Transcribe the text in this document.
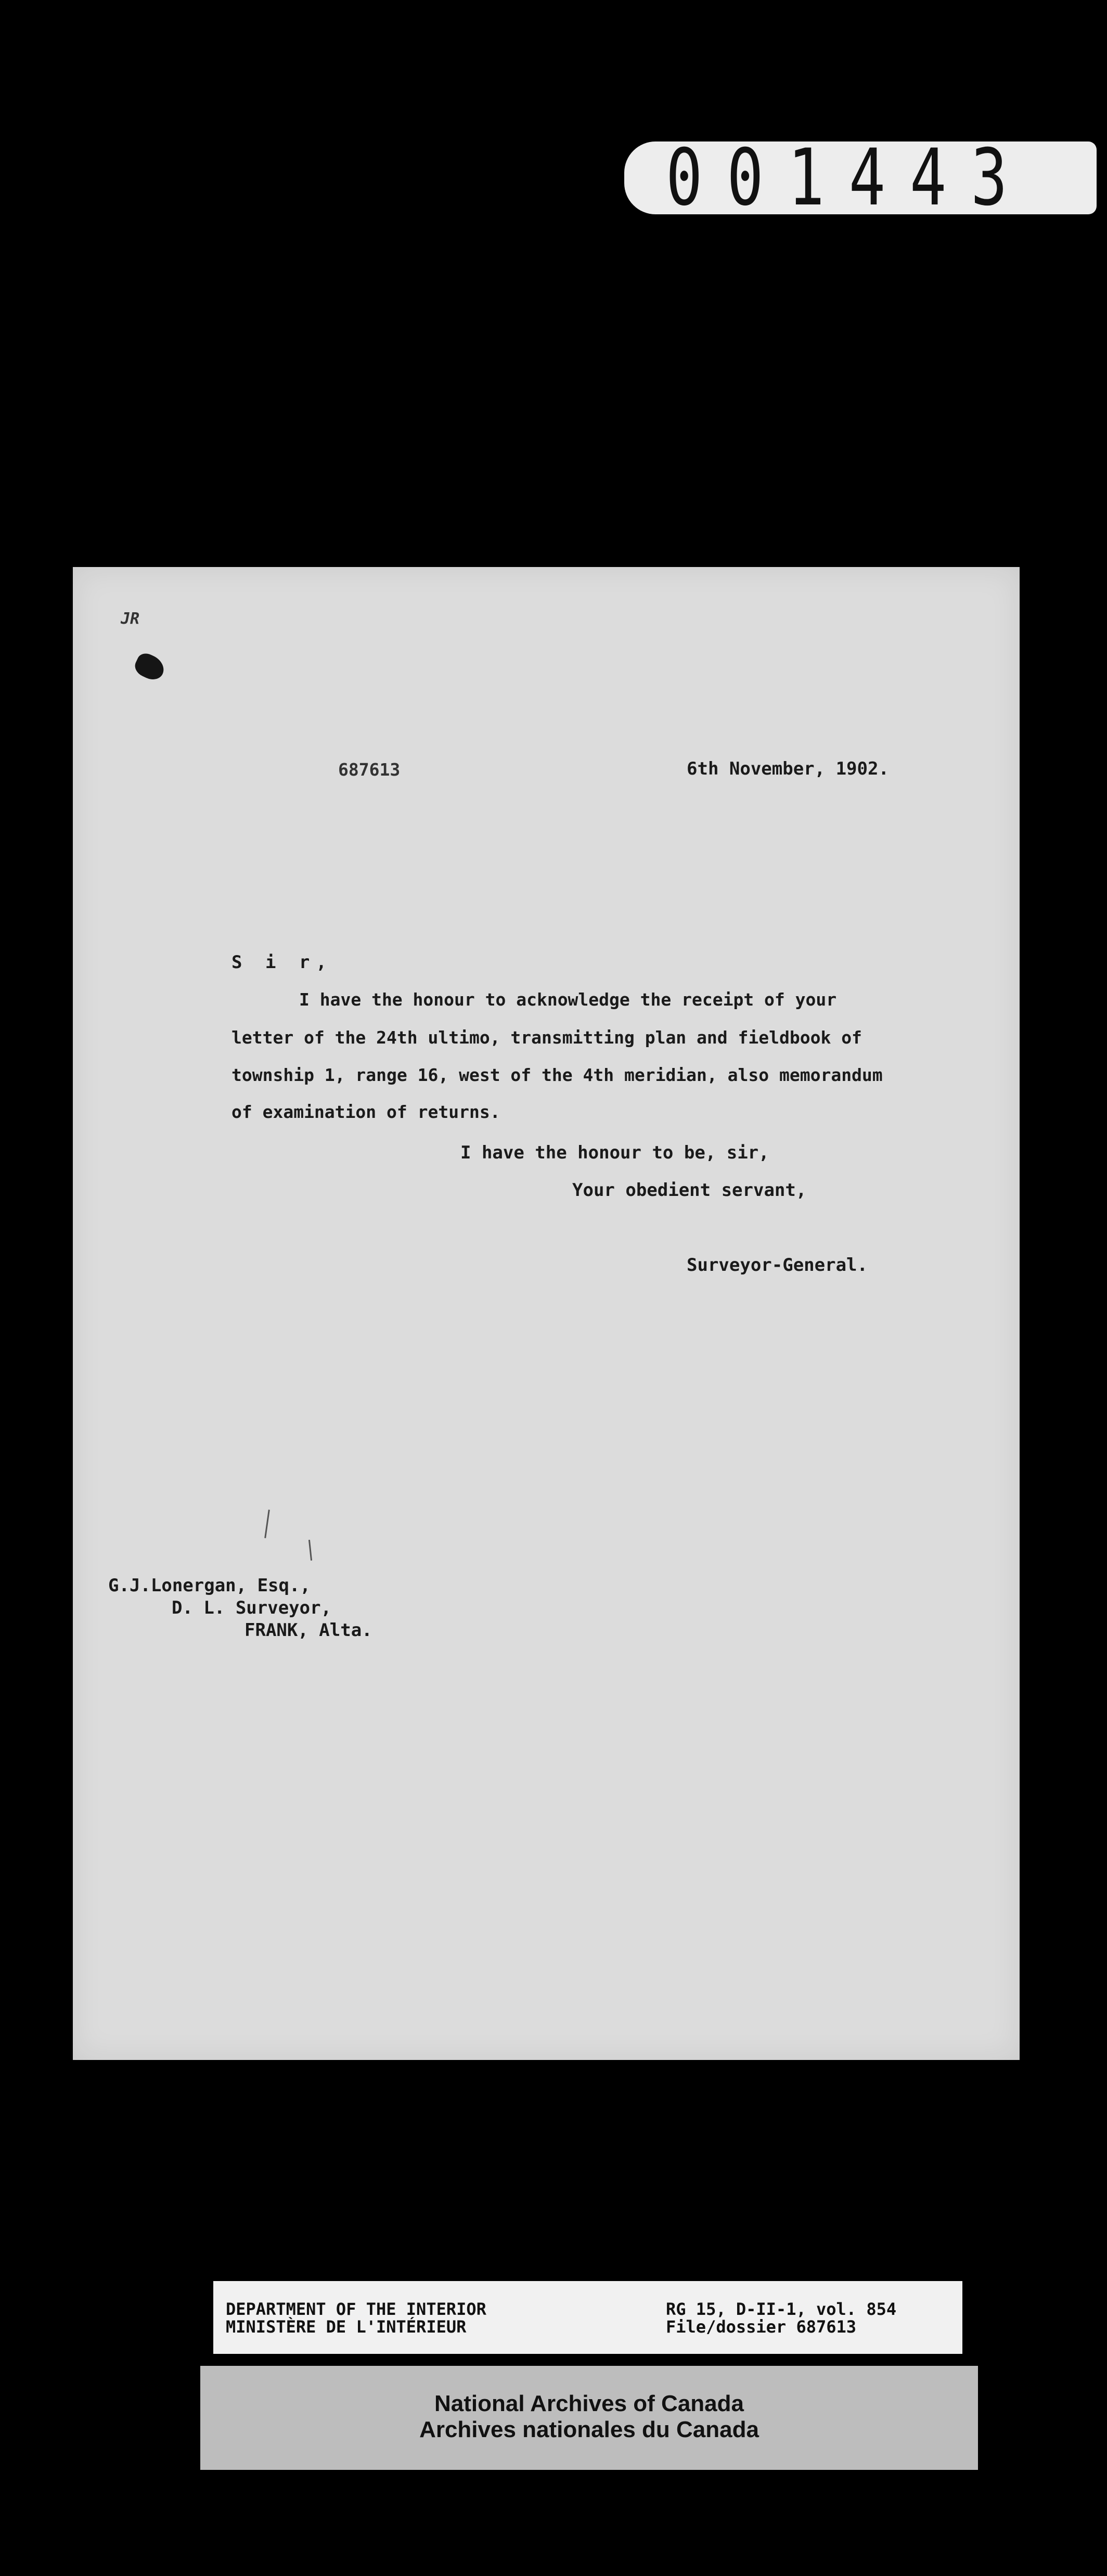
001443
JR
687613	6th November, 1902.
S i r,
I have the honour to acknowledge the receipt of your
letter of the 24th ultimo, transmitting plan and fieldbook of
township 1, range 16, west of the 4th meridian, also memorandum
of examination of returns.
I have the honour to be, sir,
Your obedient servant,
Surveyor-General.
G.J.Lonergan, Esq.,
D. L. Surveyor,
FRANK, Alta.
DEPARTMENT OF THE INTERIOR
MINISTÈRE DE L'INTÉRIEUR
RG 15, D-II-1, vol. 854
File/dossier 687613
National Archives of Canada
Archives nationales du Canada
